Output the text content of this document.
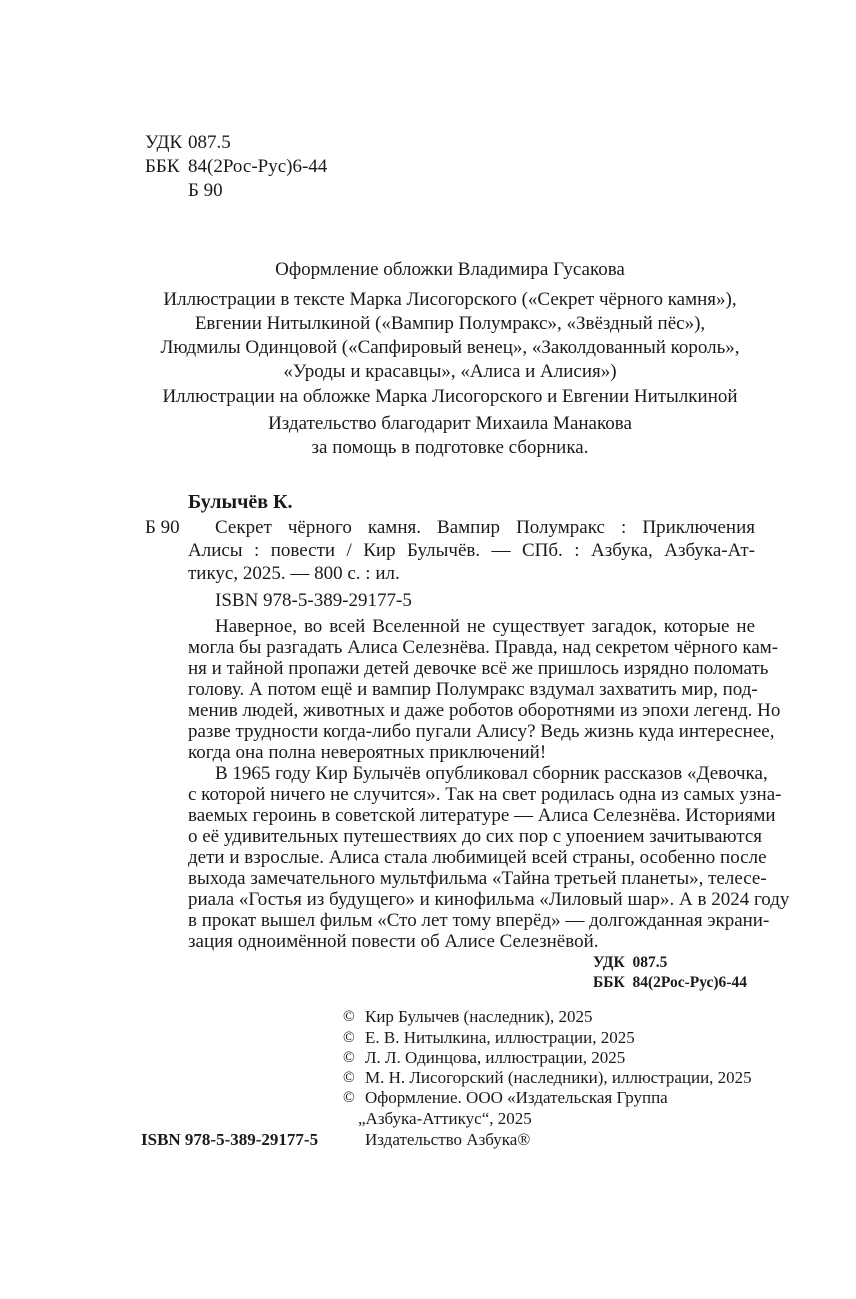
УДК 087.5
ББК 84(2Рос-Рус)6-44
Б 90
Оформление обложки Владимира Гусакова
Иллюстрации в тексте Марка Лисогорского («Секрет чёрного камня»),
Евгении Нитылкиной («Вампир Полумракс», «Звёздный пёс»),
Людмилы Одинцовой («Сапфировый венец», «Заколдованный король»,
«Уроды и красавцы», «Алиса и Алисия»)
Иллюстрации на обложке Марка Лисогорского и Евгении Нитылкиной
Издательство благодарит Михаила Манакова
за помощь в подготовке сборника.
Булычёв К.
Б 90 Секрет чёрного камня. Вампир Полумракс : Приключения
Алисы : повести / Кир Булычёв. — СПб. : Азбука, Азбука-Ат-
тикус, 2025. — 800 с. : ил.
ISBN 978-5-389-29177-5
Наверное, во всей Вселенной не существует загадок, которые не
могла бы разгадать Алиса Селезнёва. Правда, над секретом чёрного кам-
ня и тайной пропажи детей девочке всё же пришлось изрядно поломать
голову. А потом ещё и вампир Полумракс вздумал захватить мир, под-
менив людей, животных и даже роботов оборотнями из эпохи легенд. Но
разве трудности когда-либо пугали Алису? Ведь жизнь куда интереснее,
когда она полна невероятных приключений!
В 1965 году Кир Булычёв опубликовал сборник рассказов «Девочка,
с которой ничего не случится». Так на свет родилась одна из самых узна-
ваемых героинь в советской литературе — Алиса Селезнёва. Историями
о её удивительных путешествиях до сих пор с упоением зачитываются
дети и взрослые. Алиса стала любимицей всей страны, особенно после
выхода замечательного мультфильма «Тайна третьей планеты», телесе-
риала «Гостья из будущего» и кинофильма «Лиловый шар». А в 2024 году
в прокат вышел фильм «Сто лет тому вперёд» — долгожданная экрани-
зация одноимённой повести об Алисе Селезнёвой.
УДК  087.5
ББК  84(2Рос-Рус)6-44
© Кир Булычев (наследник), 2025
© Е. В. Нитылкина, иллюстрации, 2025
© Л. Л. Одинцова, иллюстрации, 2025
© М. Н. Лисогорский (наследники), иллюстрации, 2025
© Оформление. ООО «Издательская Группа
„Азбука-Аттикус“, 2025
Издательство Азбука®
ISBN 978-5-389-29177-5
